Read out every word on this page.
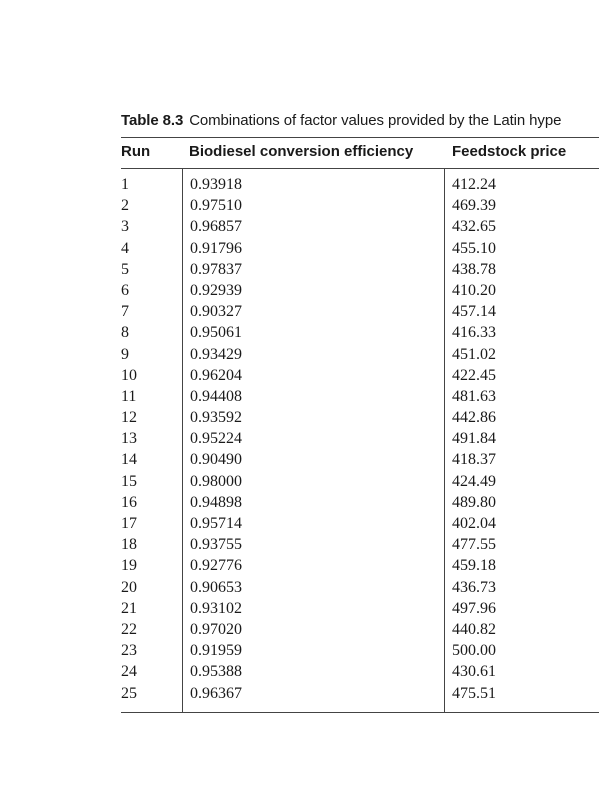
Table 8.3 Combinations of factor values provided by the Latin hype
Run	Biodiesel conversion efficiency	Feedstock price
1	0.93918	412.24
2	0.97510	469.39
3	0.96857	432.65
4	0.91796	455.10
5	0.97837	438.78
6	0.92939	410.20
7	0.90327	457.14
8	0.95061	416.33
9	0.93429	451.02
10	0.96204	422.45
11	0.94408	481.63
12	0.93592	442.86
13	0.95224	491.84
14	0.90490	418.37
15	0.98000	424.49
16	0.94898	489.80
17	0.95714	402.04
18	0.93755	477.55
19	0.92776	459.18
20	0.90653	436.73
21	0.93102	497.96
22	0.97020	440.82
23	0.91959	500.00
24	0.95388	430.61
25	0.96367	475.51
